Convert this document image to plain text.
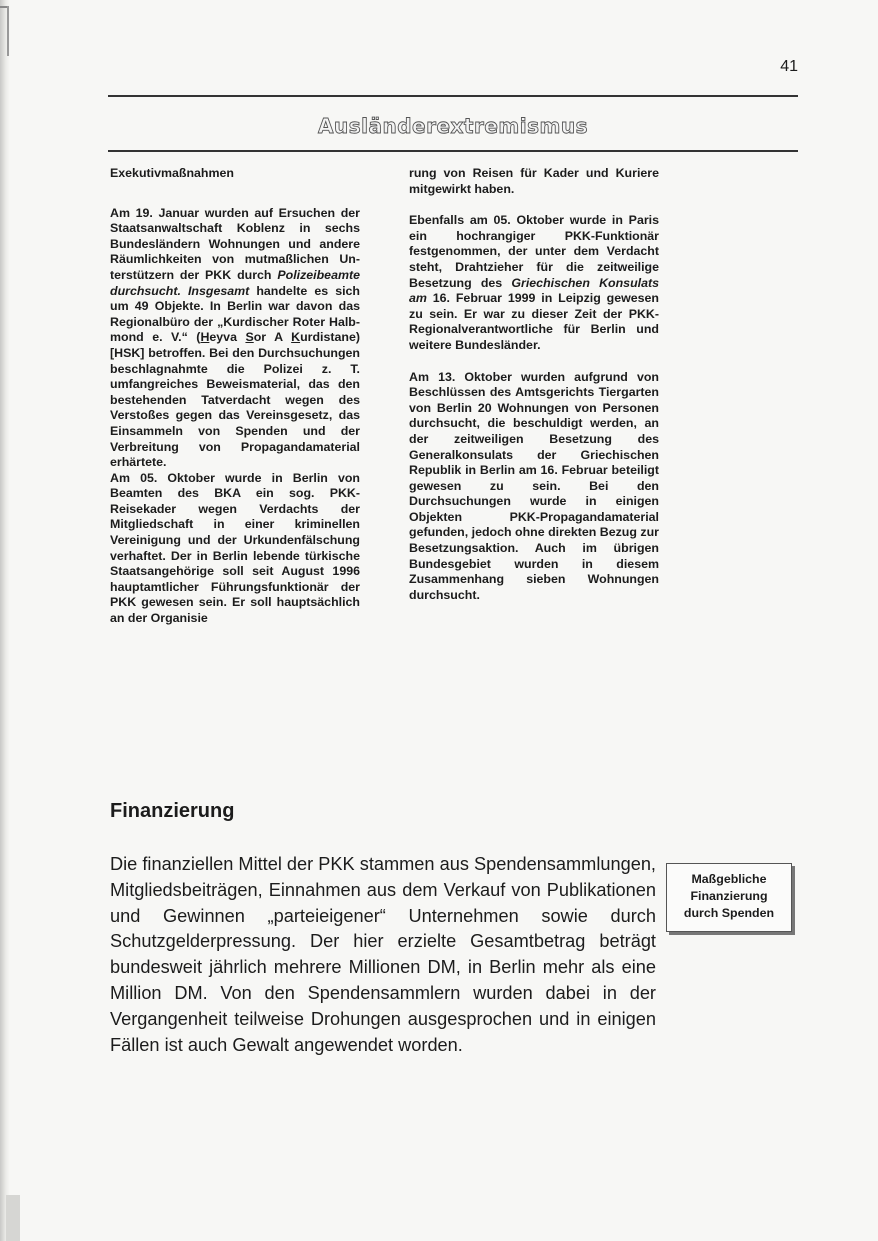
41
Ausländerextremismus

Exekutivmaßnahmen

Am 19. Januar wurden auf Ersuchen der Staatsanwaltschaft Koblenz in sechs Bundesländern Wohnungen und andere Räumlichkeiten von mutmaßlichen Unterstützern der PKK durch Polizeibeamte durchsucht. Insgesamt handelte es sich um 49 Objekte. In Berlin war davon das Regionalbüro der „Kurdischer Roter Halbmond e. V.“ (Heyva Sor A Kurdistane) [HSK] betroffen. Bei den Durchsuchungen beschlagnahmte die Polizei z. T. umfangreiches Beweismaterial, das den bestehenden Tatverdacht wegen des Verstoßes gegen das Vereinsgesetz, das Einsammeln von Spenden und der Verbreitung von Propagandamaterial erhärtete.

Am 05. Oktober wurde in Berlin von Beamten des BKA ein sog. PKK-Reisekader wegen Verdachts der Mitgliedschaft in einer kriminellen Vereinigung und der Urkundenfälschung verhaftet. Der in Berlin lebende türkische Staatsangehörige soll seit August 1996 hauptamtlicher Führungsfunktionär der PKK gewesen sein. Er soll hauptsächlich an der Organisie

rung von Reisen für Kader und Kuriere mitgewirkt haben.

Ebenfalls am 05. Oktober wurde in Paris ein hochrangiger PKK-Funktionär festgenommen, der unter dem Verdacht steht, Drahtzieher für die zeitweilige Besetzung des Griechischen Konsulats am 16. Februar 1999 in Leipzig gewesen zu sein. Er war zu dieser Zeit der PKK-Regionalverantwortliche für Berlin und weitere Bundesländer.

Am 13. Oktober wurden aufgrund von Beschlüssen des Amtsgerichts Tiergarten von Berlin 20 Wohnungen von Personen durchsucht, die beschuldigt werden, an der zeitweiligen Besetzung des Generalkonsulats der Griechischen Republik in Berlin am 16. Februar beteiligt gewesen zu sein. Bei den Durchsuchungen wurde in einigen Objekten PKK-Propagandamaterial gefunden, jedoch ohne direkten Bezug zur Besetzungsaktion. Auch im übrigen Bundesgebiet wurden in diesem Zusammenhang sieben Wohnungen durchsucht.

Finanzierung

Die finanziellen Mittel der PKK stammen aus Spendensammlungen, Mitgliedsbeiträgen, Einnahmen aus dem Verkauf von Publikationen und Gewinnen „parteieigener“ Unternehmen sowie durch Schutzgelderpressung. Der hier erzielte Gesamtbetrag beträgt bundesweit jährlich mehrere Millionen DM, in Berlin mehr als eine Million DM. Von den Spendensammlern wurden dabei in der Vergangenheit teilweise Drohungen ausgesprochen und in einigen Fällen ist auch Gewalt angewendet worden.

Maßgebliche
Finanzierung
durch Spenden
